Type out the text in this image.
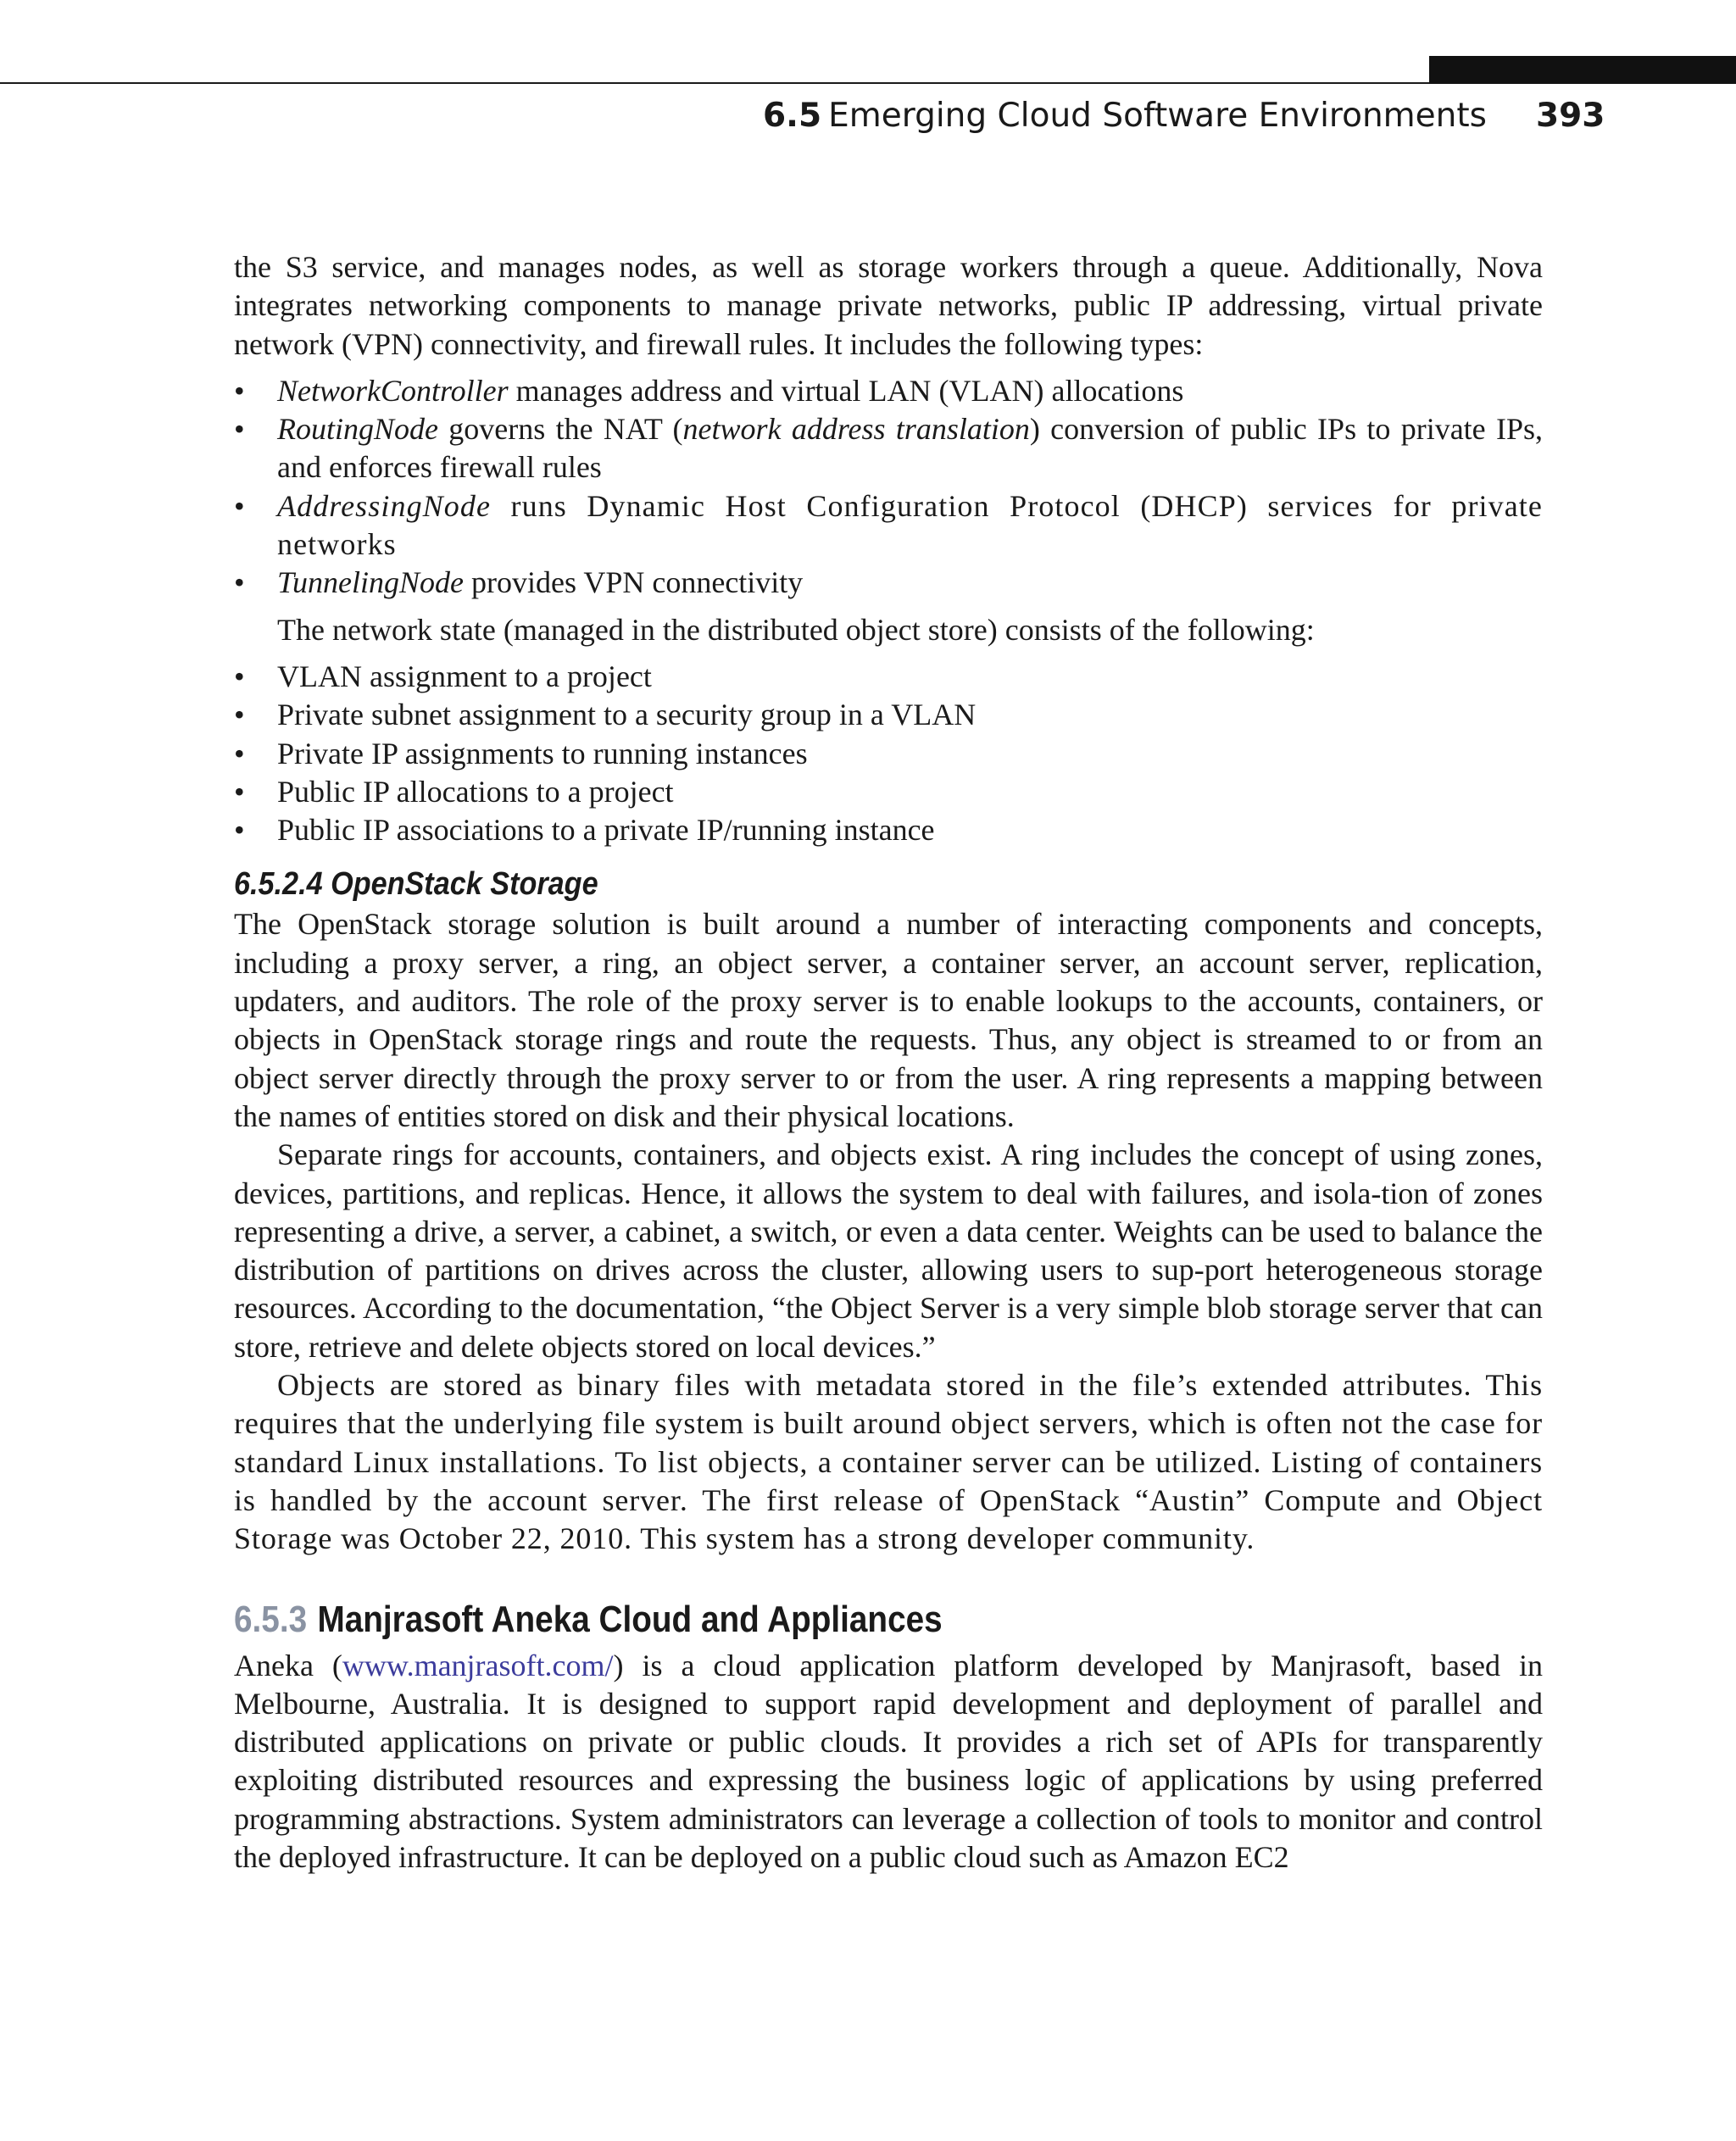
6.5 Emerging Cloud Software Environments 393

the S3 service, and manages nodes, as well as storage workers through a queue. Additionally, Nova integrates networking components to manage private networks, public IP addressing, virtual private network (VPN) connectivity, and firewall rules. It includes the following types:

• NetworkController manages address and virtual LAN (VLAN) allocations
• RoutingNode governs the NAT (network address translation) conversion of public IPs to private IPs, and enforces firewall rules
• AddressingNode runs Dynamic Host Configuration Protocol (DHCP) services for private networks
• TunnelingNode provides VPN connectivity

The network state (managed in the distributed object store) consists of the following:

• VLAN assignment to a project
• Private subnet assignment to a security group in a VLAN
• Private IP assignments to running instances
• Public IP allocations to a project
• Public IP associations to a private IP/running instance
6.5.2.4 OpenStack Storage

The OpenStack storage solution is built around a number of interacting components and concepts, including a proxy server, a ring, an object server, a container server, an account server, replication, updaters, and auditors. The role of the proxy server is to enable lookups to the accounts, containers, or objects in OpenStack storage rings and route the requests. Thus, any object is streamed to or from an object server directly through the proxy server to or from the user. A ring represents a mapping between the names of entities stored on disk and their physical locations.

Separate rings for accounts, containers, and objects exist. A ring includes the concept of using zones, devices, partitions, and replicas. Hence, it allows the system to deal with failures, and isola-tion of zones representing a drive, a server, a cabinet, a switch, or even a data center. Weights can be used to balance the distribution of partitions on drives across the cluster, allowing users to sup-port heterogeneous storage resources. According to the documentation, “the Object Server is a very simple blob storage server that can store, retrieve and delete objects stored on local devices.”

Objects are stored as binary files with metadata stored in the file’s extended attributes. This requires that the underlying file system is built around object servers, which is often not the case for standard Linux installations. To list objects, a container server can be utilized. Listing of containers is handled by the account server. The first release of OpenStack “Austin” Compute and Object Storage was October 22, 2010. This system has a strong developer community.

6.5.3 Manjrasoft Aneka Cloud and Appliances

Aneka (www.manjrasoft.com/) is a cloud application platform developed by Manjrasoft, based in Melbourne, Australia. It is designed to support rapid development and deployment of parallel and distributed applications on private or public clouds. It provides a rich set of APIs for transparently exploiting distributed resources and expressing the business logic of applications by using preferred programming abstractions. System administrators can leverage a collection of tools to monitor and control the deployed infrastructure. It can be deployed on a public cloud such as Amazon EC2
